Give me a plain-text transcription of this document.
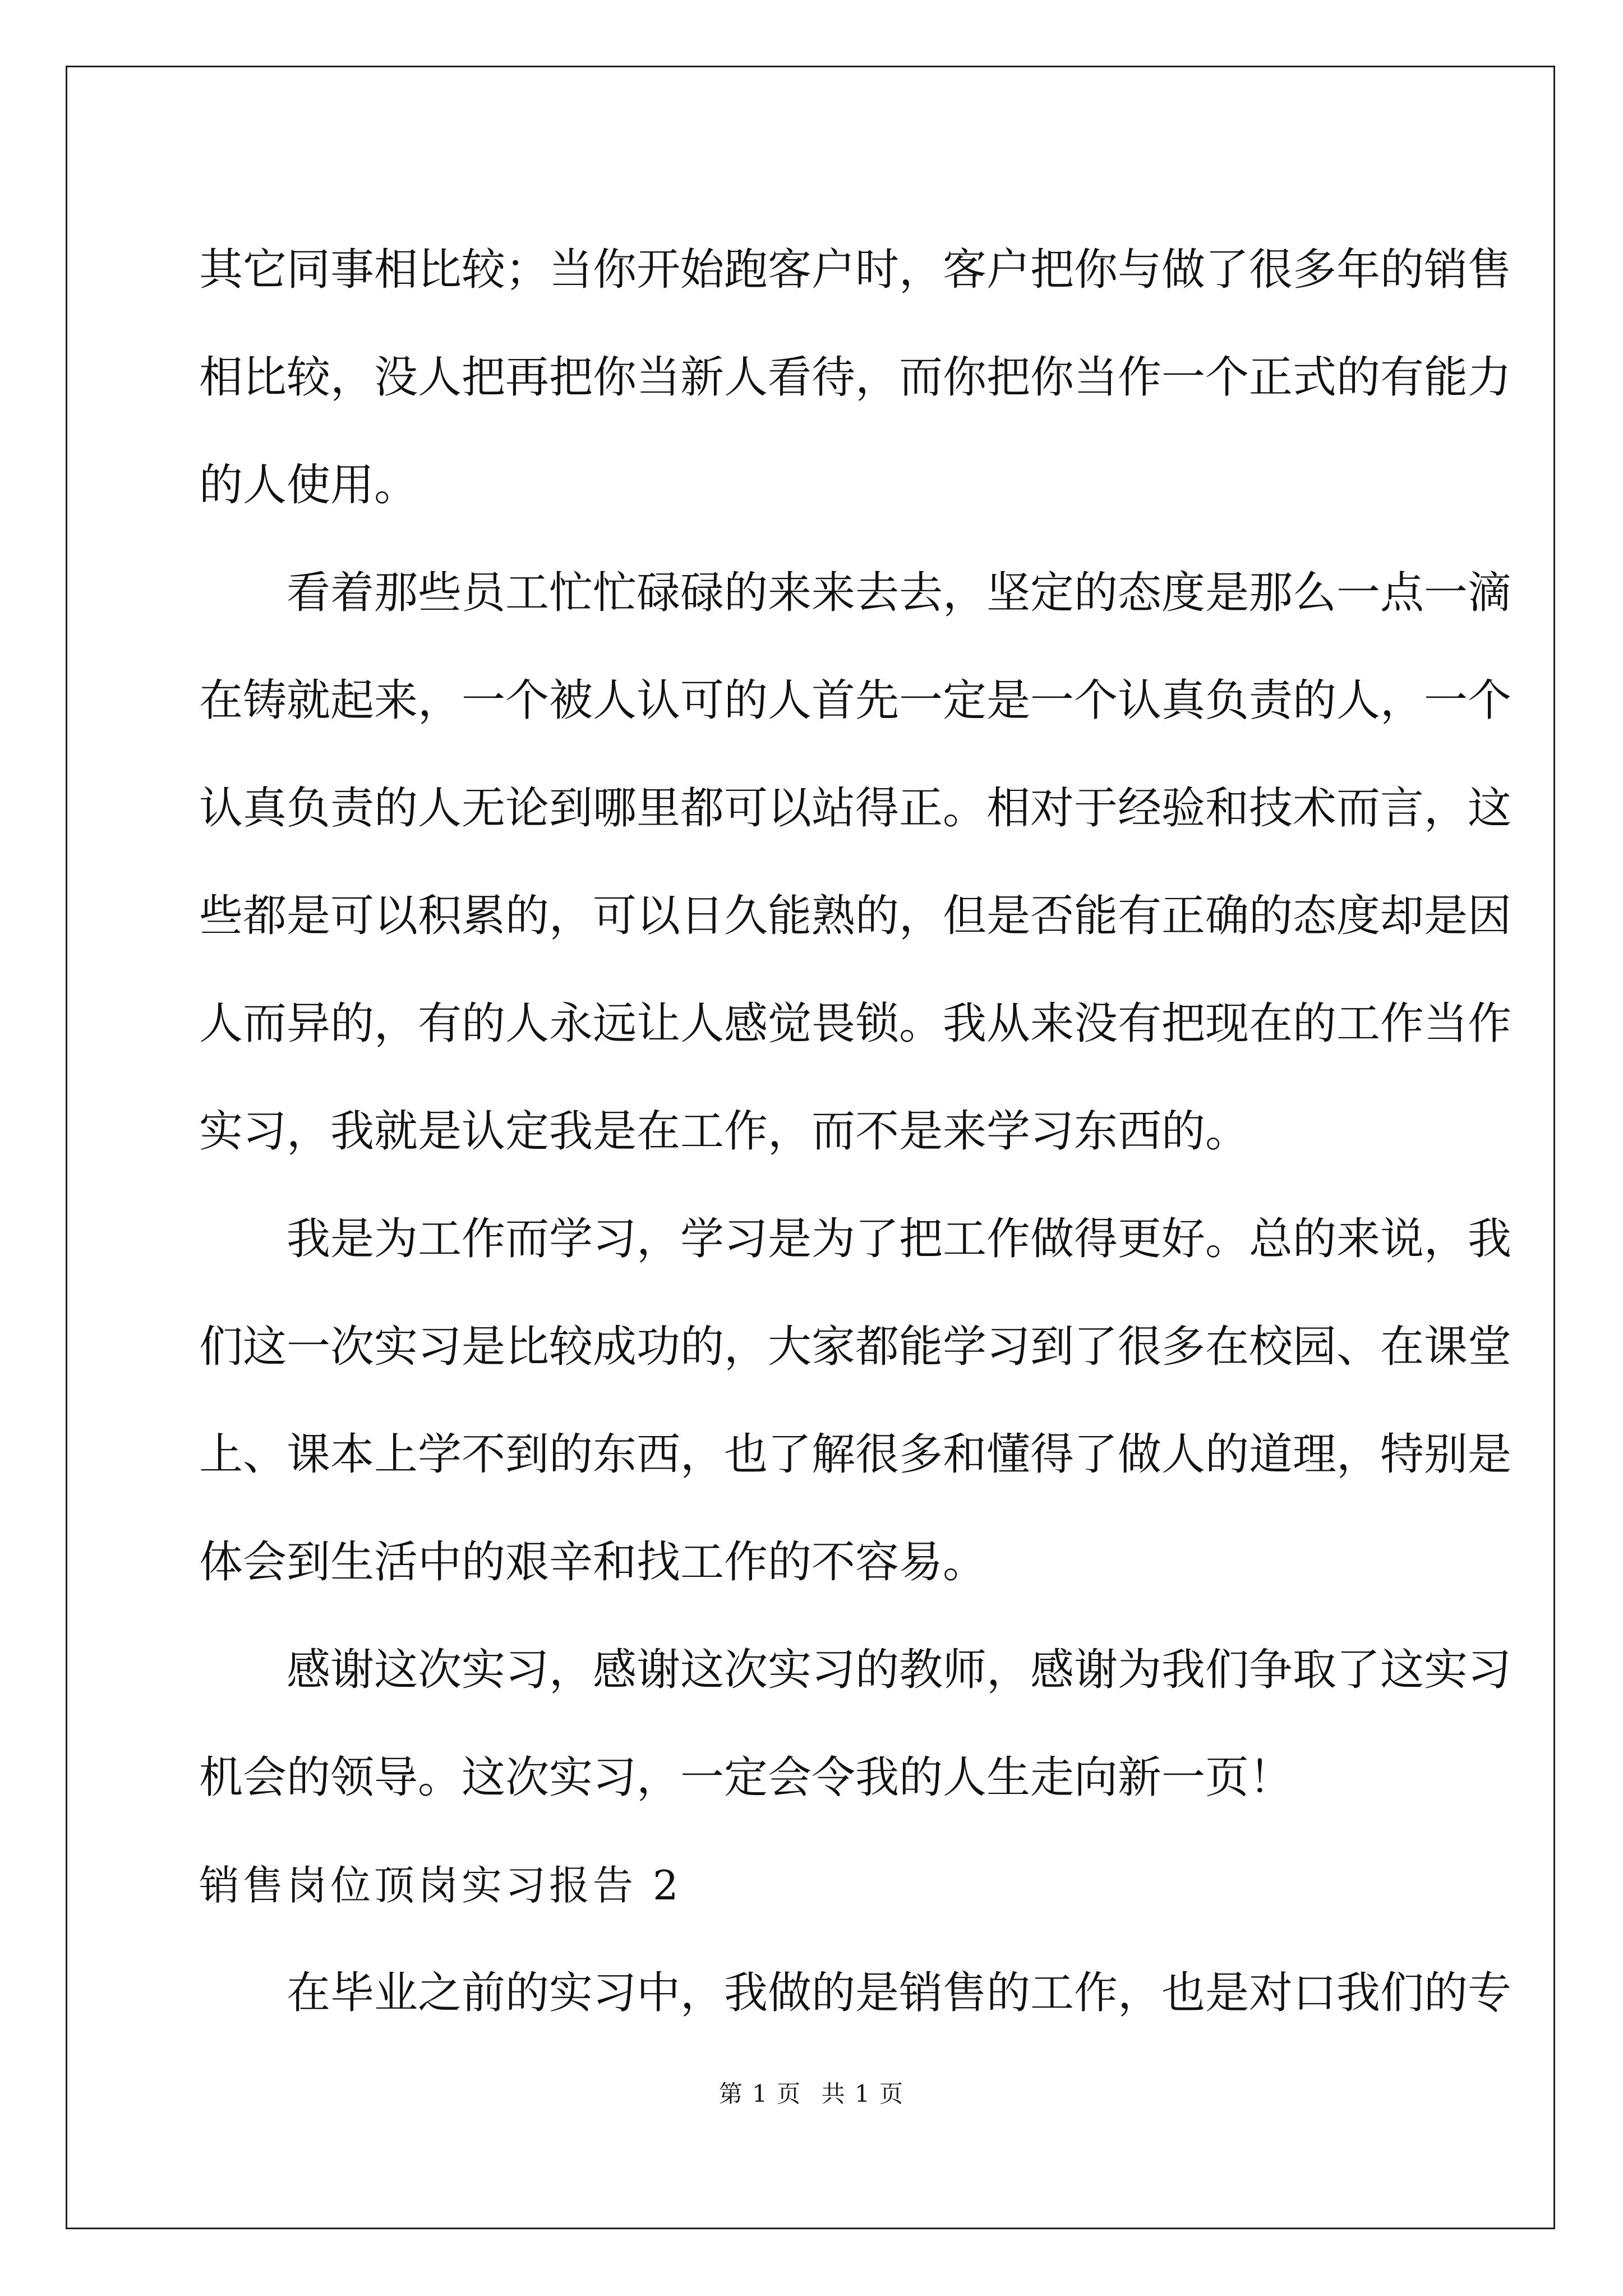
其它同事相比较；当你开始跑客户时，客户把你与做了很多年的销售
相比较，没人把再把你当新人看待，而你把你当作一个正式的有能力
的人使用。

看着那些员工忙忙碌碌的来来去去，坚定的态度是那么一点一滴
在铸就起来，一个被人认可的人首先一定是一个认真负责的人，一个
认真负责的人无论到哪里都可以站得正。相对于经验和技术而言，这
些都是可以积累的，可以日久能熟的，但是否能有正确的态度却是因
人而异的，有的人永远让人感觉畏锁。我从来没有把现在的工作当作
实习，我就是认定我是在工作，而不是来学习东西的。

我是为工作而学习，学习是为了把工作做得更好。总的来说，我
们这一次实习是比较成功的，大家都能学习到了很多在校园、在课堂
上、课本上学不到的东西，也了解很多和懂得了做人的道理，特别是
体会到生活中的艰辛和找工作的不容易。

感谢这次实习，感谢这次实习的教师，感谢为我们争取了这实习
机会的领导。这次实习，一定会令我的人生走向新一页！

销售岗位顶岗实习报告 2

在毕业之前的实习中，我做的是销售的工作，也是对口我们的专

第 1 页 共 1 页
